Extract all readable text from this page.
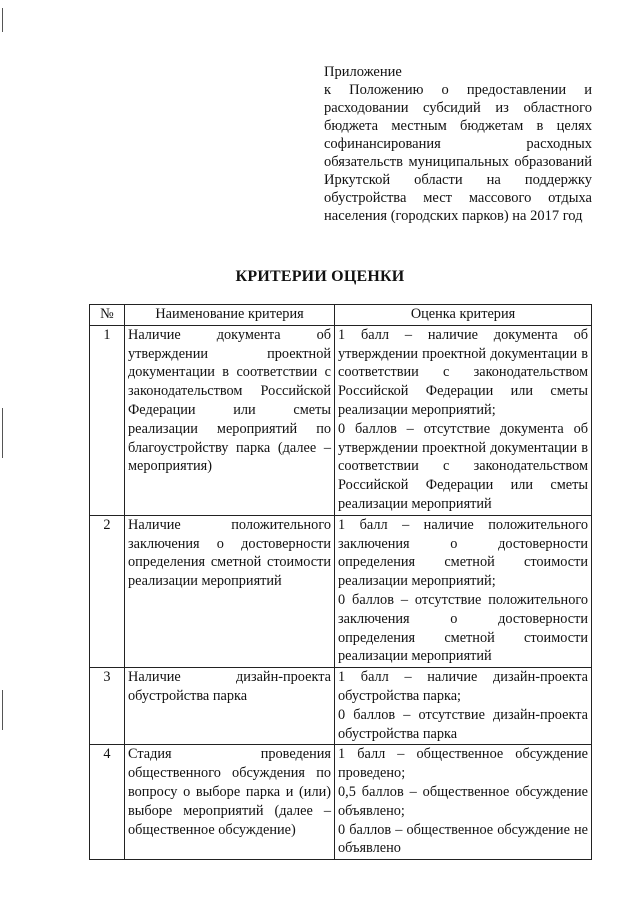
Приложение

к Положению о предоставлении и расходовании субсидий из областного бюджета местным бюджетам в целях софинансирования расходных обязательств муниципальных образований Иркутской области на поддержку обустройства мест массового отдыха населения (городских парков) на 2017 год

КРИТЕРИИ ОЦЕНКИ
№	Наименование критерия	Оценка критерия
1	Наличие документа об утверждении проектной документации в соответствии с законодательством Российской Федерации или сметы реализации мероприятий по благоустройству парка (далее – мероприятия)	1 балл – наличие документа об утверждении проектной документации в соответствии с законодательством Российской Федерации или сметы реализации мероприятий;
0 баллов – отсутствие документа об утверждении проектной документации в соответствии с законодательством Российской Федерации или сметы реализации мероприятий

2	Наличие положительного заключения о достоверности определения сметной стоимости реализации мероприятий	1 балл – наличие положительного заключения о достоверности определения сметной стоимости реализации мероприятий;
0 баллов – отсутствие положительного заключения о достоверности определения сметной стоимости реализации мероприятий

3	Наличие дизайн-проекта обустройства парка	1 балл – наличие дизайн-проекта обустройства парка;
0 баллов – отсутствие дизайн-проекта обустройства парка

4	Стадия проведения общественного обсуждения по вопросу о выборе парка и (или) выборе мероприятий (далее – общественное обсуждение)	1 балл – общественное обсуждение проведено;
0,5 баллов – общественное обсуждение объявлено;
0 баллов – общественное обсуждение не объявлено
